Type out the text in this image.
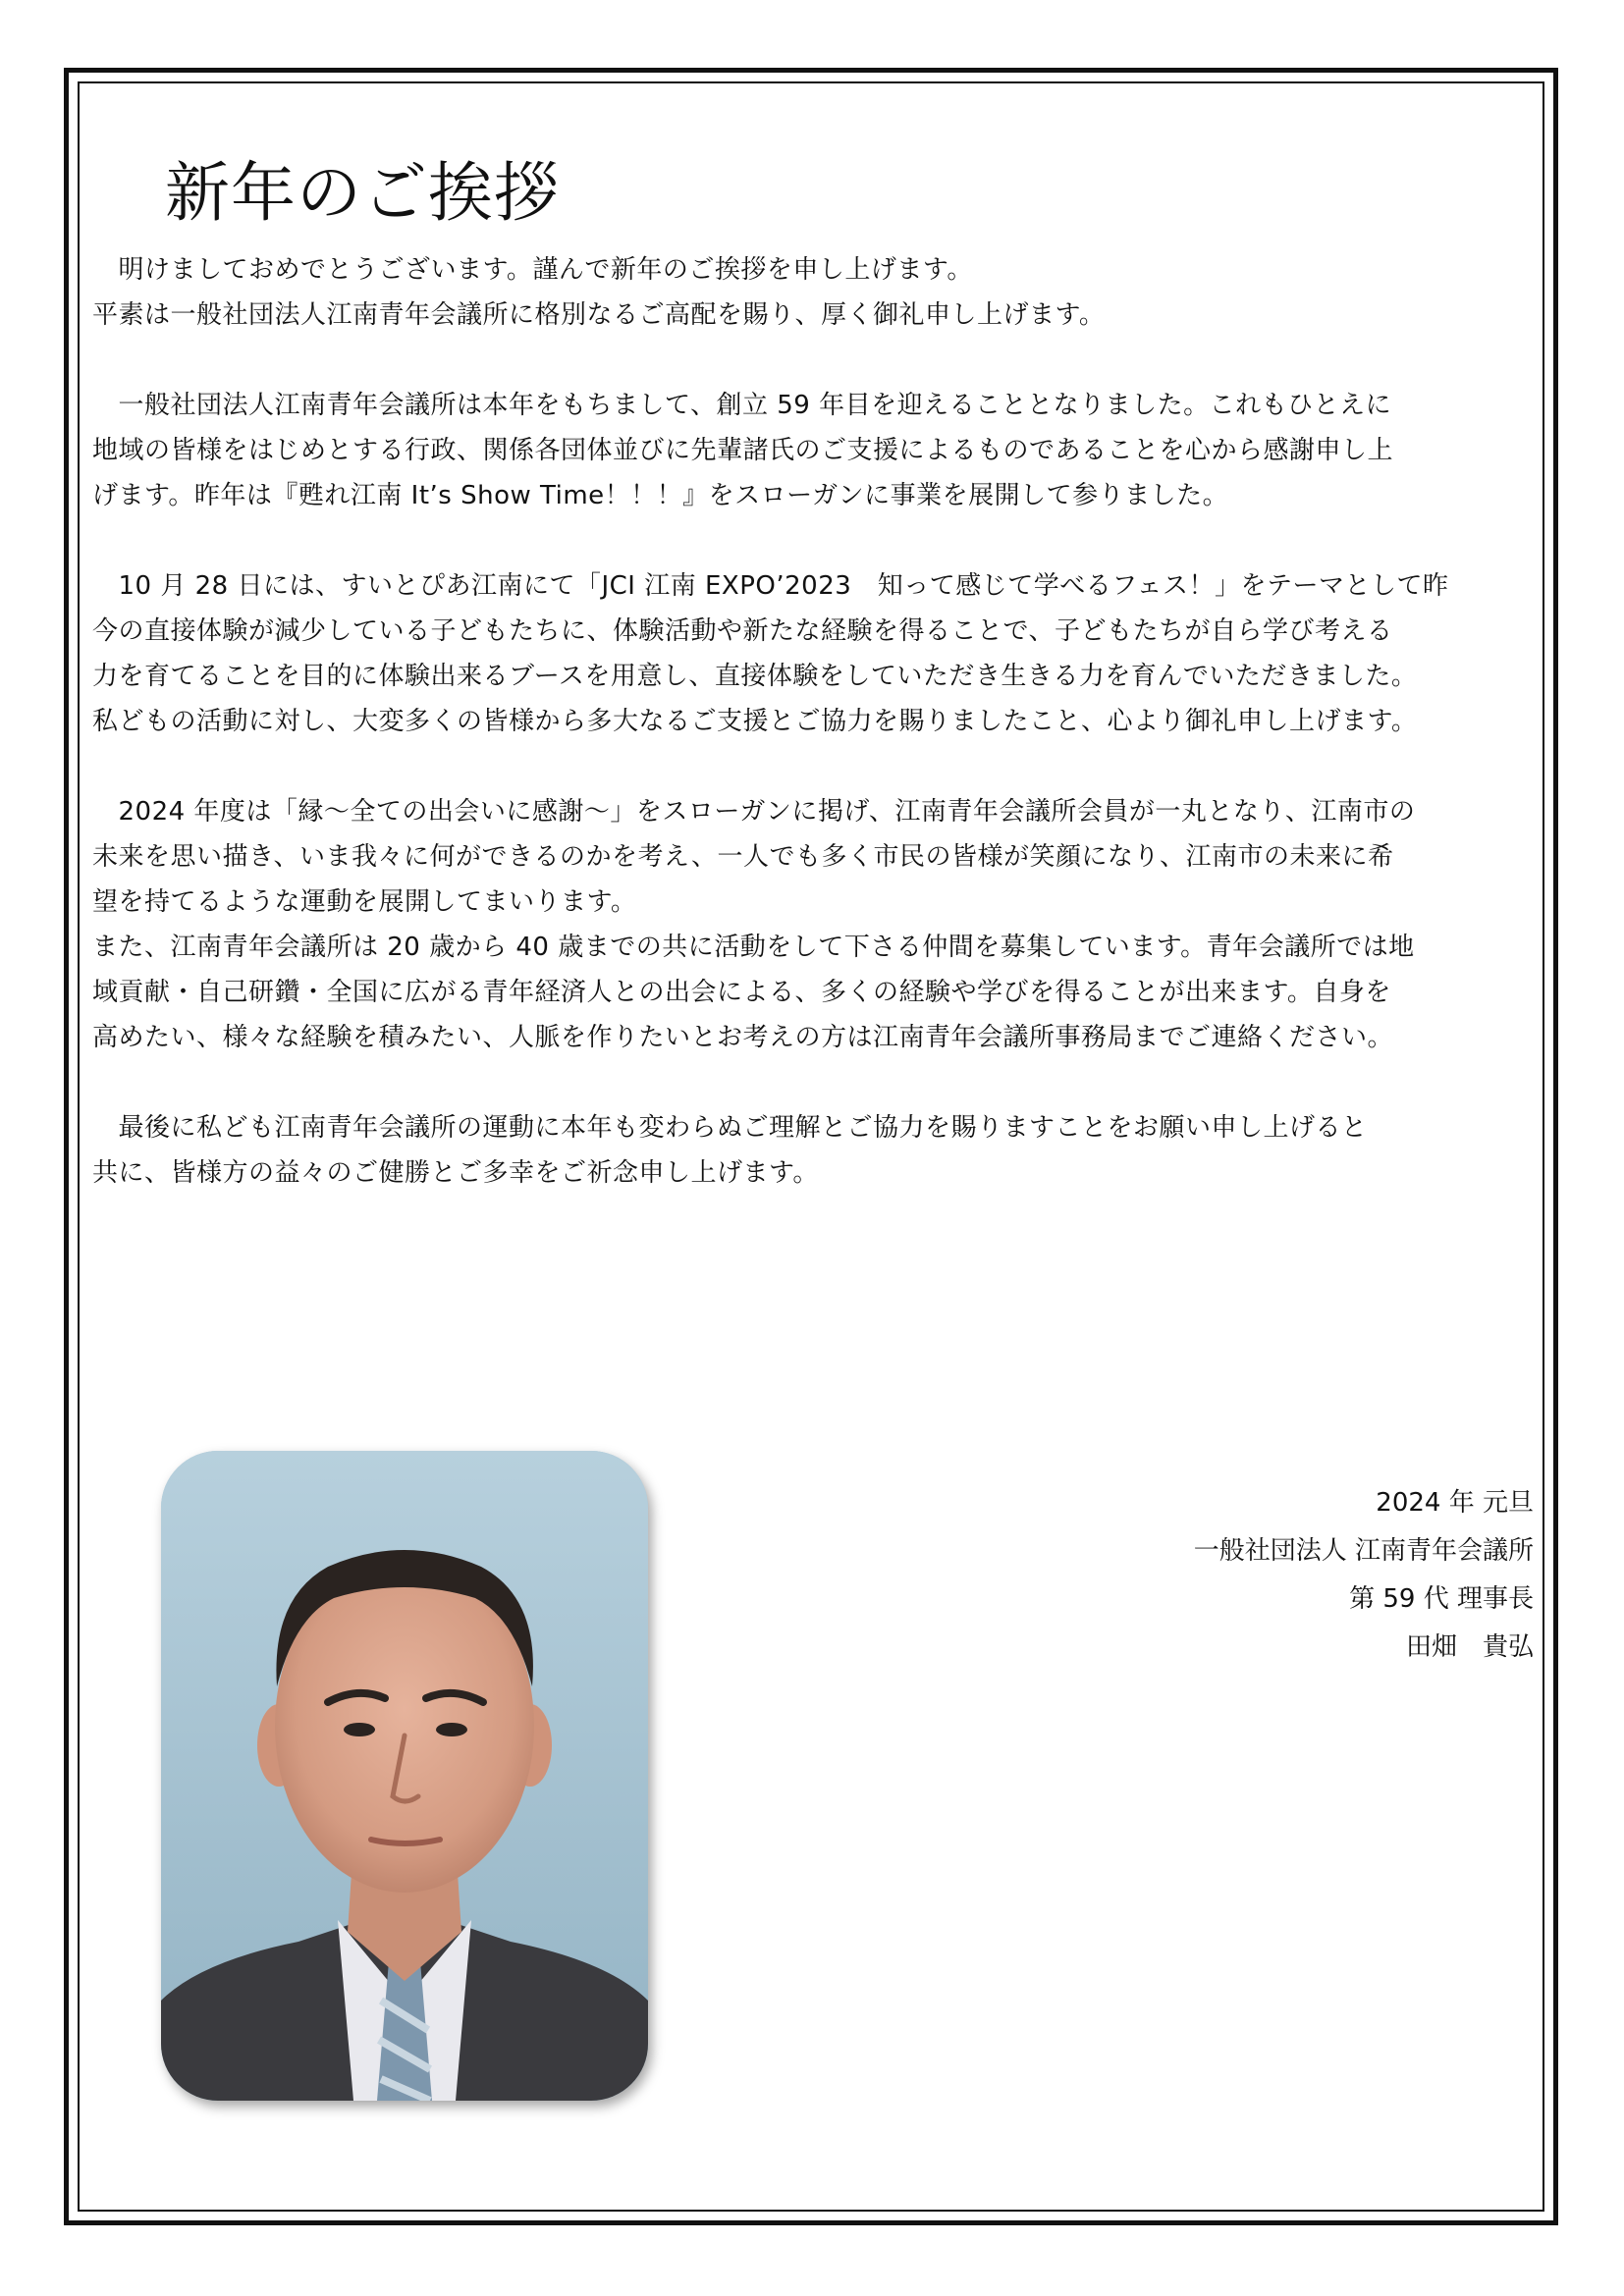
新年のご挨拶
　明けましておめでとうございます。謹んで新年のご挨拶を申し上げます。
平素は一般社団法人江南青年会議所に格別なるご高配を賜り、厚く御礼申し上げます。
　一般社団法人江南青年会議所は本年をもちまして、創立 59 年目を迎えることとなりました。これもひとえに
地域の皆様をはじめとする行政、関係各団体並びに先輩諸氏のご支援によるものであることを心から感謝申し上
げます。昨年は『甦れ江南 It’s Show Time！！！』をスローガンに事業を展開して参りました。
　10 月 28 日には、すいとぴあ江南にて「JCI 江南 EXPO’2023　知って感じて学べるフェス！」をテーマとして昨
今の直接体験が減少している子どもたちに、体験活動や新たな経験を得ることで、子どもたちが自ら学び考える
力を育てることを目的に体験出来るブースを用意し、直接体験をしていただき生きる力を育んでいただきました。
私どもの活動に対し、大変多くの皆様から多大なるご支援とご協力を賜りましたこと、心より御礼申し上げます。
　2024 年度は「縁～全ての出会いに感謝～」をスローガンに掲げ、江南青年会議所会員が一丸となり、江南市の
未来を思い描き、いま我々に何ができるのかを考え、一人でも多く市民の皆様が笑顔になり、江南市の未来に希
望を持てるような運動を展開してまいります。
また、江南青年会議所は 20 歳から 40 歳までの共に活動をして下さる仲間を募集しています。青年会議所では地
域貢献・自己研鑽・全国に広がる青年経済人との出会による、多くの経験や学びを得ることが出来ます。自身を
高めたい、様々な経験を積みたい、人脈を作りたいとお考えの方は江南青年会議所事務局までご連絡ください。
　最後に私ども江南青年会議所の運動に本年も変わらぬご理解とご協力を賜りますことをお願い申し上げると
共に、皆様方の益々のご健勝とご多幸をご祈念申し上げます。
2024 年 元旦
一般社団法人 江南青年会議所
第 59 代 理事長
田畑　貴弘
